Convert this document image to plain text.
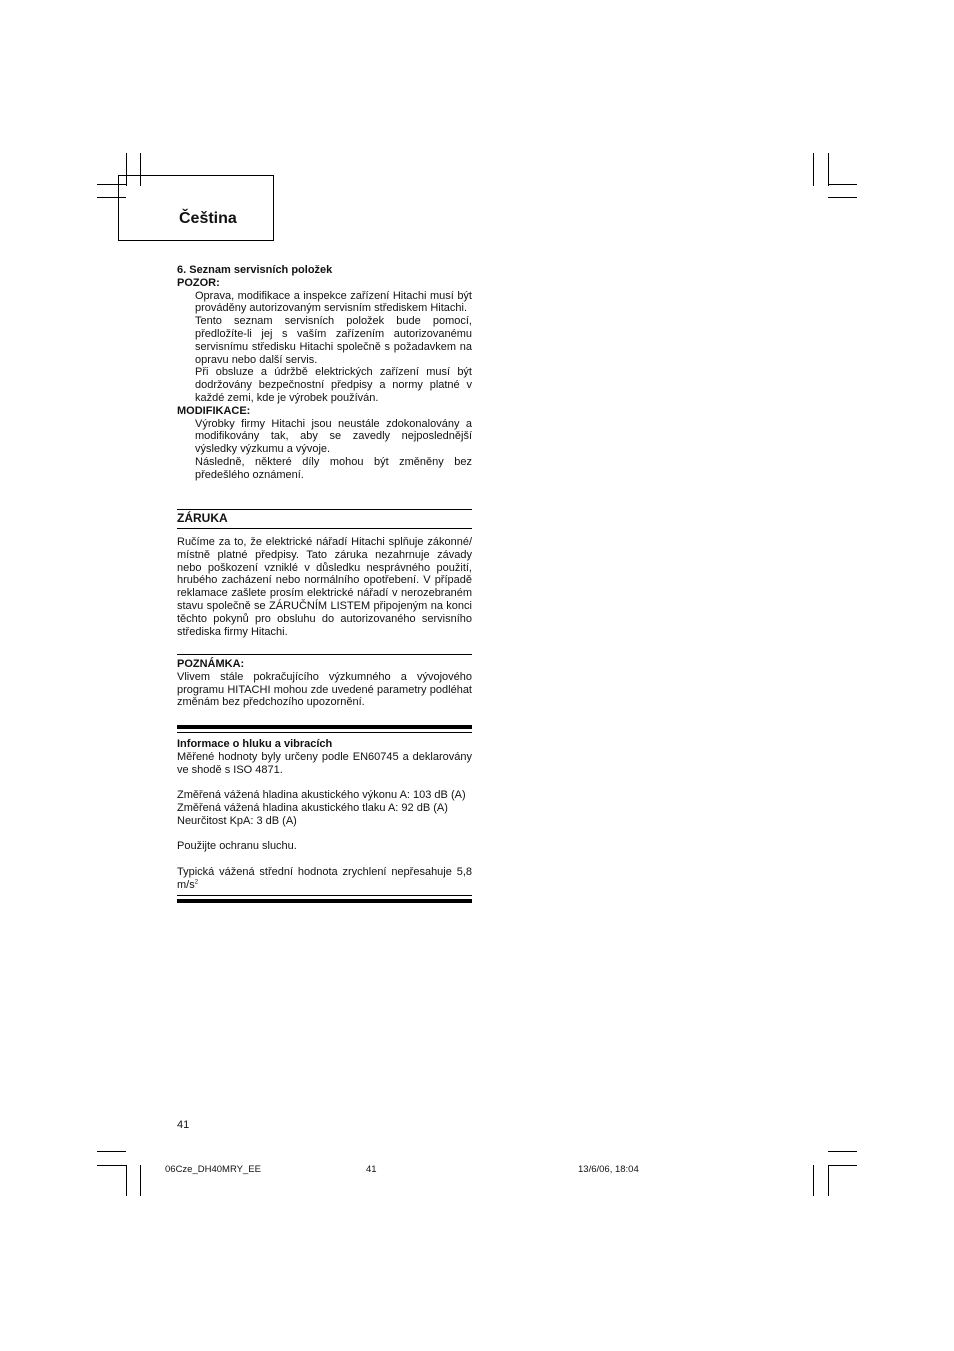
Čeština

6. Seznam servisních položek

POZOR:

Oprava, modifikace a inspekce zařízení Hitachi musí být prováděny autorizovaným servisním střediskem Hitachi.

Tento seznam servisních položek bude pomocí, předložíte-li jej s vaším zařízením autorizovanému servisnímu středisku Hitachi společně s požadavkem na opravu nebo další servis.

Při obsluze a údržbě elektrických zařízení musí být dodržovány bezpečnostní předpisy a normy platné v každé zemi, kde je výrobek používán.

MODIFIKACE:

Výrobky firmy Hitachi jsou neustále zdokonalovány a modifikovány tak, aby se zavedly nejposlednější výsledky výzkumu a vývoje.

Následně, některé díly mohou být změněny bez předešlého oznámení.

ZÁRUKA

Ručíme za to, že elektrické nářadí Hitachi splňuje zákonné/ místně platné předpisy. Tato záruka nezahrnuje závady nebo poškození vzniklé v důsledku nesprávného použití, hrubého zacházení nebo normálního opotřebení. V případě reklamace zašlete prosím elektrické nářadí v nerozebraném stavu společně se ZÁRUČNÍM LISTEM připojeným na konci těchto pokynů pro obsluhu do autorizovaného servisního střediska firmy Hitachi.

POZNÁMKA:

Vlivem stále pokračujícího výzkumného a vývojového programu HITACHI mohou zde uvedené parametry podléhat změnám bez předchozího upozornění.

Informace o hluku a vibracích

Měřené hodnoty byly určeny podle EN60745 a deklarovány ve shodě s ISO 4871.

Změřená vážená hladina akustického výkonu A: 103 dB (A)

Změřená vážená hladina akustického tlaku A: 92 dB (A)

Neurčitost KpA: 3 dB (A)

Použijte ochranu sluchu.

Typická vážená střední hodnota zrychlení nepřesahuje 5,8 $m/s^2$

41
06Cze_DH40MRY_EE	41	13/6/06, 18:04
